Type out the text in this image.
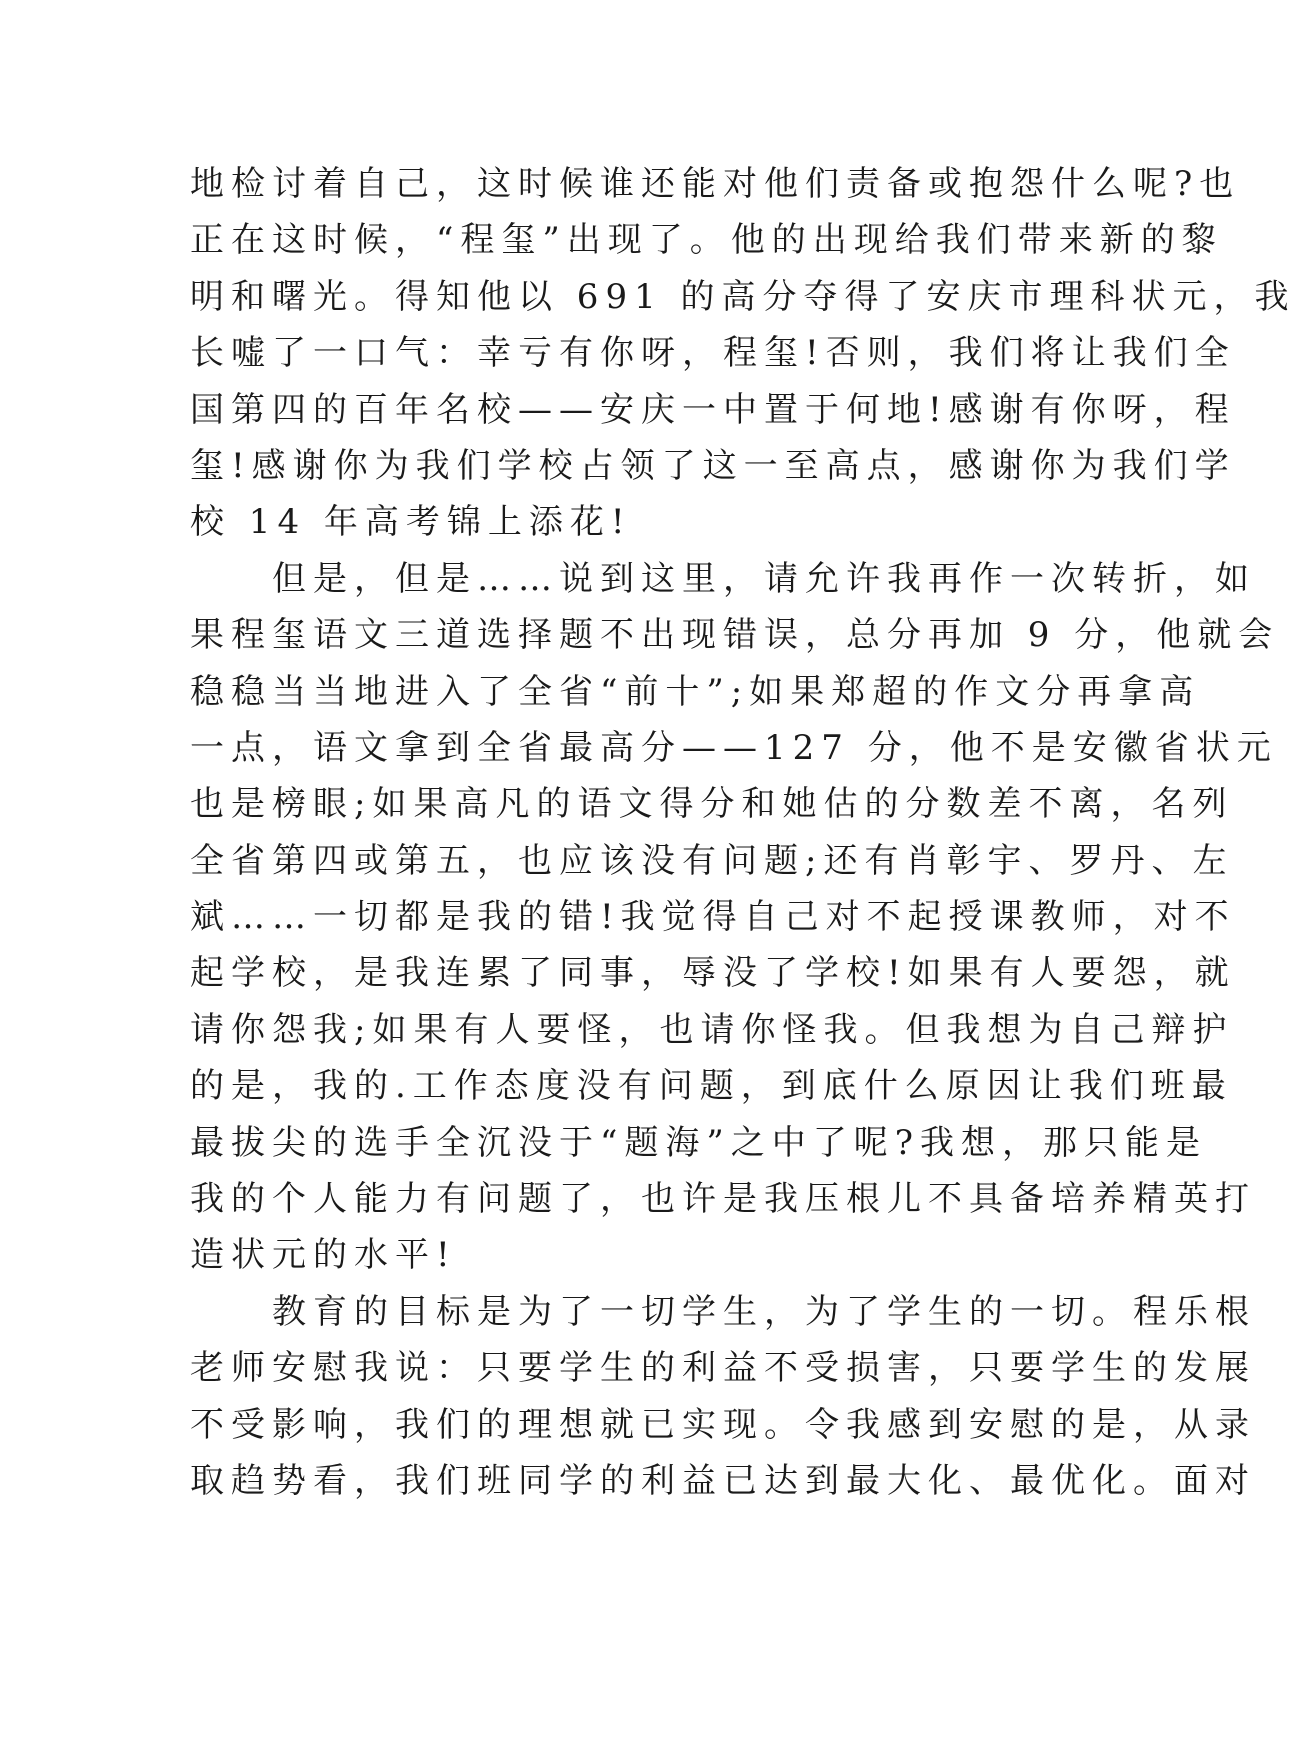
地检讨着自己，这时候谁还能对他们责备或抱怨什么呢?也
正在这时候，“程玺”出现了。他的出现给我们带来新的黎
明和曙光。得知他以 691 的高分夺得了安庆市理科状元，我
长嘘了一口气：幸亏有你呀，程玺!否则，我们将让我们全
国第四的百年名校——安庆一中置于何地!感谢有你呀，程
玺!感谢你为我们学校占领了这一至高点，感谢你为我们学
校 14 年高考锦上添花!
　　但是，但是……说到这里，请允许我再作一次转折，如
果程玺语文三道选择题不出现错误，总分再加 9 分，他就会
稳稳当当地进入了全省“前十”;如果郑超的作文分再拿高
一点，语文拿到全省最高分——127 分，他不是安徽省状元
也是榜眼;如果高凡的语文得分和她估的分数差不离，名列
全省第四或第五，也应该没有问题;还有肖彰宇、罗丹、左
斌……一切都是我的错!我觉得自己对不起授课教师，对不
起学校，是我连累了同事，辱没了学校!如果有人要怨，就
请你怨我;如果有人要怪，也请你怪我。但我想为自己辩护
的是，我的.工作态度没有问题，到底什么原因让我们班最
最拔尖的选手全沉没于“题海”之中了呢?我想，那只能是
我的个人能力有问题了，也许是我压根儿不具备培养精英打
造状元的水平!
　　教育的目标是为了一切学生，为了学生的一切。程乐根
老师安慰我说：只要学生的利益不受损害，只要学生的发展
不受影响，我们的理想就已实现。令我感到安慰的是，从录
取趋势看，我们班同学的利益已达到最大化、最优化。面对
